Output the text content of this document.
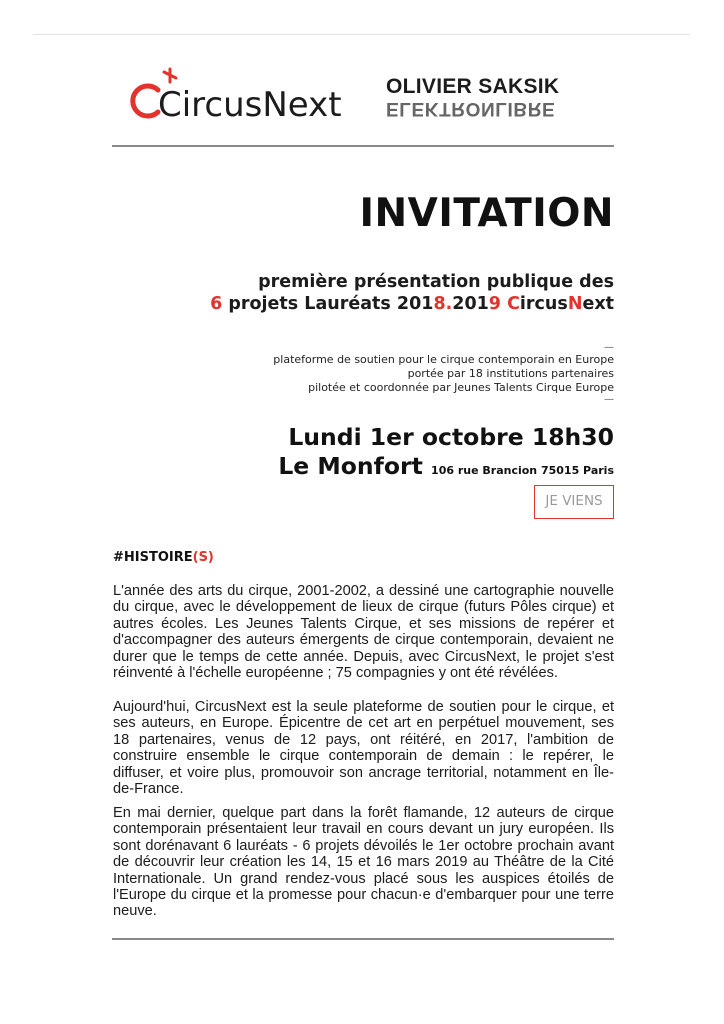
CircusNext OLIVIER SAKSIK
ELEKTRONLIBRE
INVITATION
première présentation publique des
6 projets Lauréats 2018.2019 CircusNext
—
plateforme de soutien pour le cirque contemporain en Europe
portée par 18 institutions partenaires
pilotée et coordonnée par Jeunes Talents Cirque Europe
—
Lundi 1er octobre 18h30
Le Monfort 106 rue Brancion 75015 Paris
JE VIENS
#HISTOIRE(S)

L'année des arts du cirque, 2001-2002, a dessiné une cartographie nouvelle du cirque, avec le développement de lieux de cirque (futurs Pôles cirque) et autres écoles. Les Jeunes Talents Cirque, et ses missions de repérer et d'accompagner des auteurs émergents de cirque contemporain, devaient ne durer que le temps de cette année. Depuis, avec CircusNext, le projet s'est réinventé à l'échelle européenne ; 75 compagnies y ont été révélées.

Aujourd'hui, CircusNext est la seule plateforme de soutien pour le cirque, et ses auteurs, en Europe. Épicentre de cet art en perpétuel mouvement, ses 18 partenaires, venus de 12 pays, ont réitéré, en 2017, l'ambition de construire ensemble le cirque contemporain de demain : le repérer, le diffuser, et voire plus, promouvoir son ancrage territorial, notamment en Île-de-France.

En mai dernier, quelque part dans la forêt flamande, 12 auteurs de cirque contemporain présentaient leur travail en cours devant un jury européen. Ils sont dorénavant 6 lauréats - 6 projets dévoilés le 1er octobre prochain avant de découvrir leur création les 14, 15 et 16 mars 2019 au Théâtre de la Cité Internationale. Un grand rendez-vous placé sous les auspices étoilés de l'Europe du cirque et la promesse pour chacun·e d'embarquer pour une terre neuve.
